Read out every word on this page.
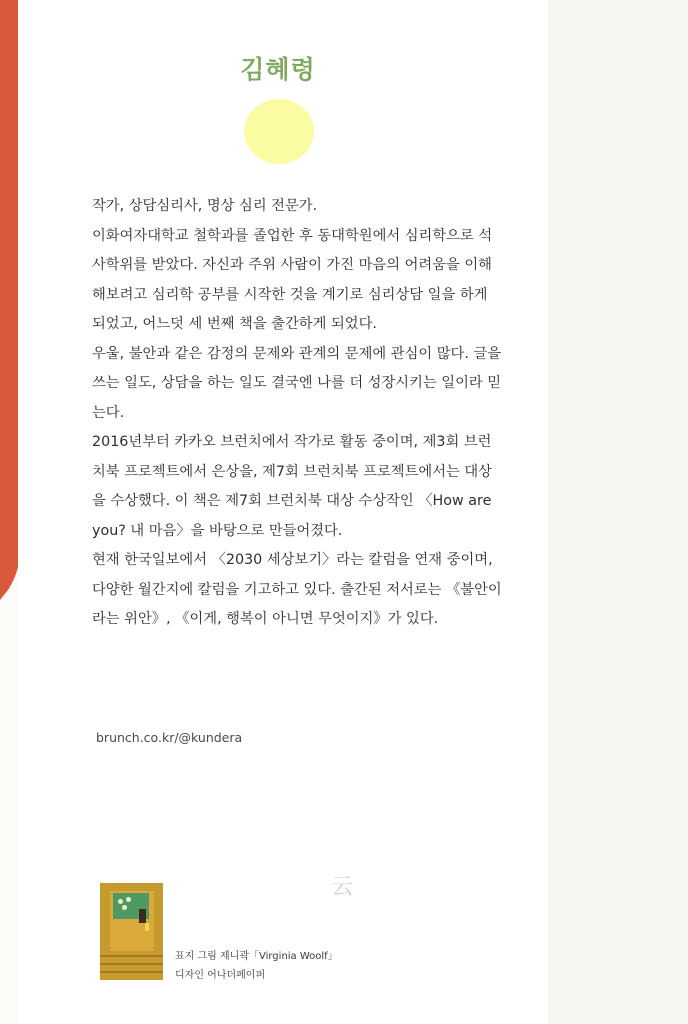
김혜령

작가, 상담심리사, 명상 심리 전문가.

이화여자대학교 철학과를 졸업한 후 동대학원에서 심리학으로 석사학위를 받았다. 자신과 주위 사람이 가진 마음의 어려움을 이해해보려고 심리학 공부를 시작한 것을 계기로 심리상담 일을 하게 되었고, 어느덧 세 번째 책을 출간하게 되었다.

우울, 불안과 같은 감정의 문제와 관계의 문제에 관심이 많다. 글을 쓰는 일도, 상담을 하는 일도 결국엔 나를 더 성장시키는 일이라 믿는다.

2016년부터 카카오 브런치에서 작가로 활동 중이며, 제3회 브런치북 프로젝트에서 은상을, 제7회 브런치북 프로젝트에서는 대상을 수상했다. 이 책은 제7회 브런치북 대상 수상작인 〈How are you? 내 마음〉을 바탕으로 만들어졌다.

현재 한국일보에서 〈2030 세상보기〉라는 칼럼을 연재 중이며, 다양한 월간지에 칼럼을 기고하고 있다. 출간된 저서로는 《불안이라는 위안》, 《이게, 행복이 아니면 무엇이지》가 있다.

brunch.co.kr/@kundera
云
표지 그림 제니곽「Virginia Woolf」
디자인 어나더페이퍼
